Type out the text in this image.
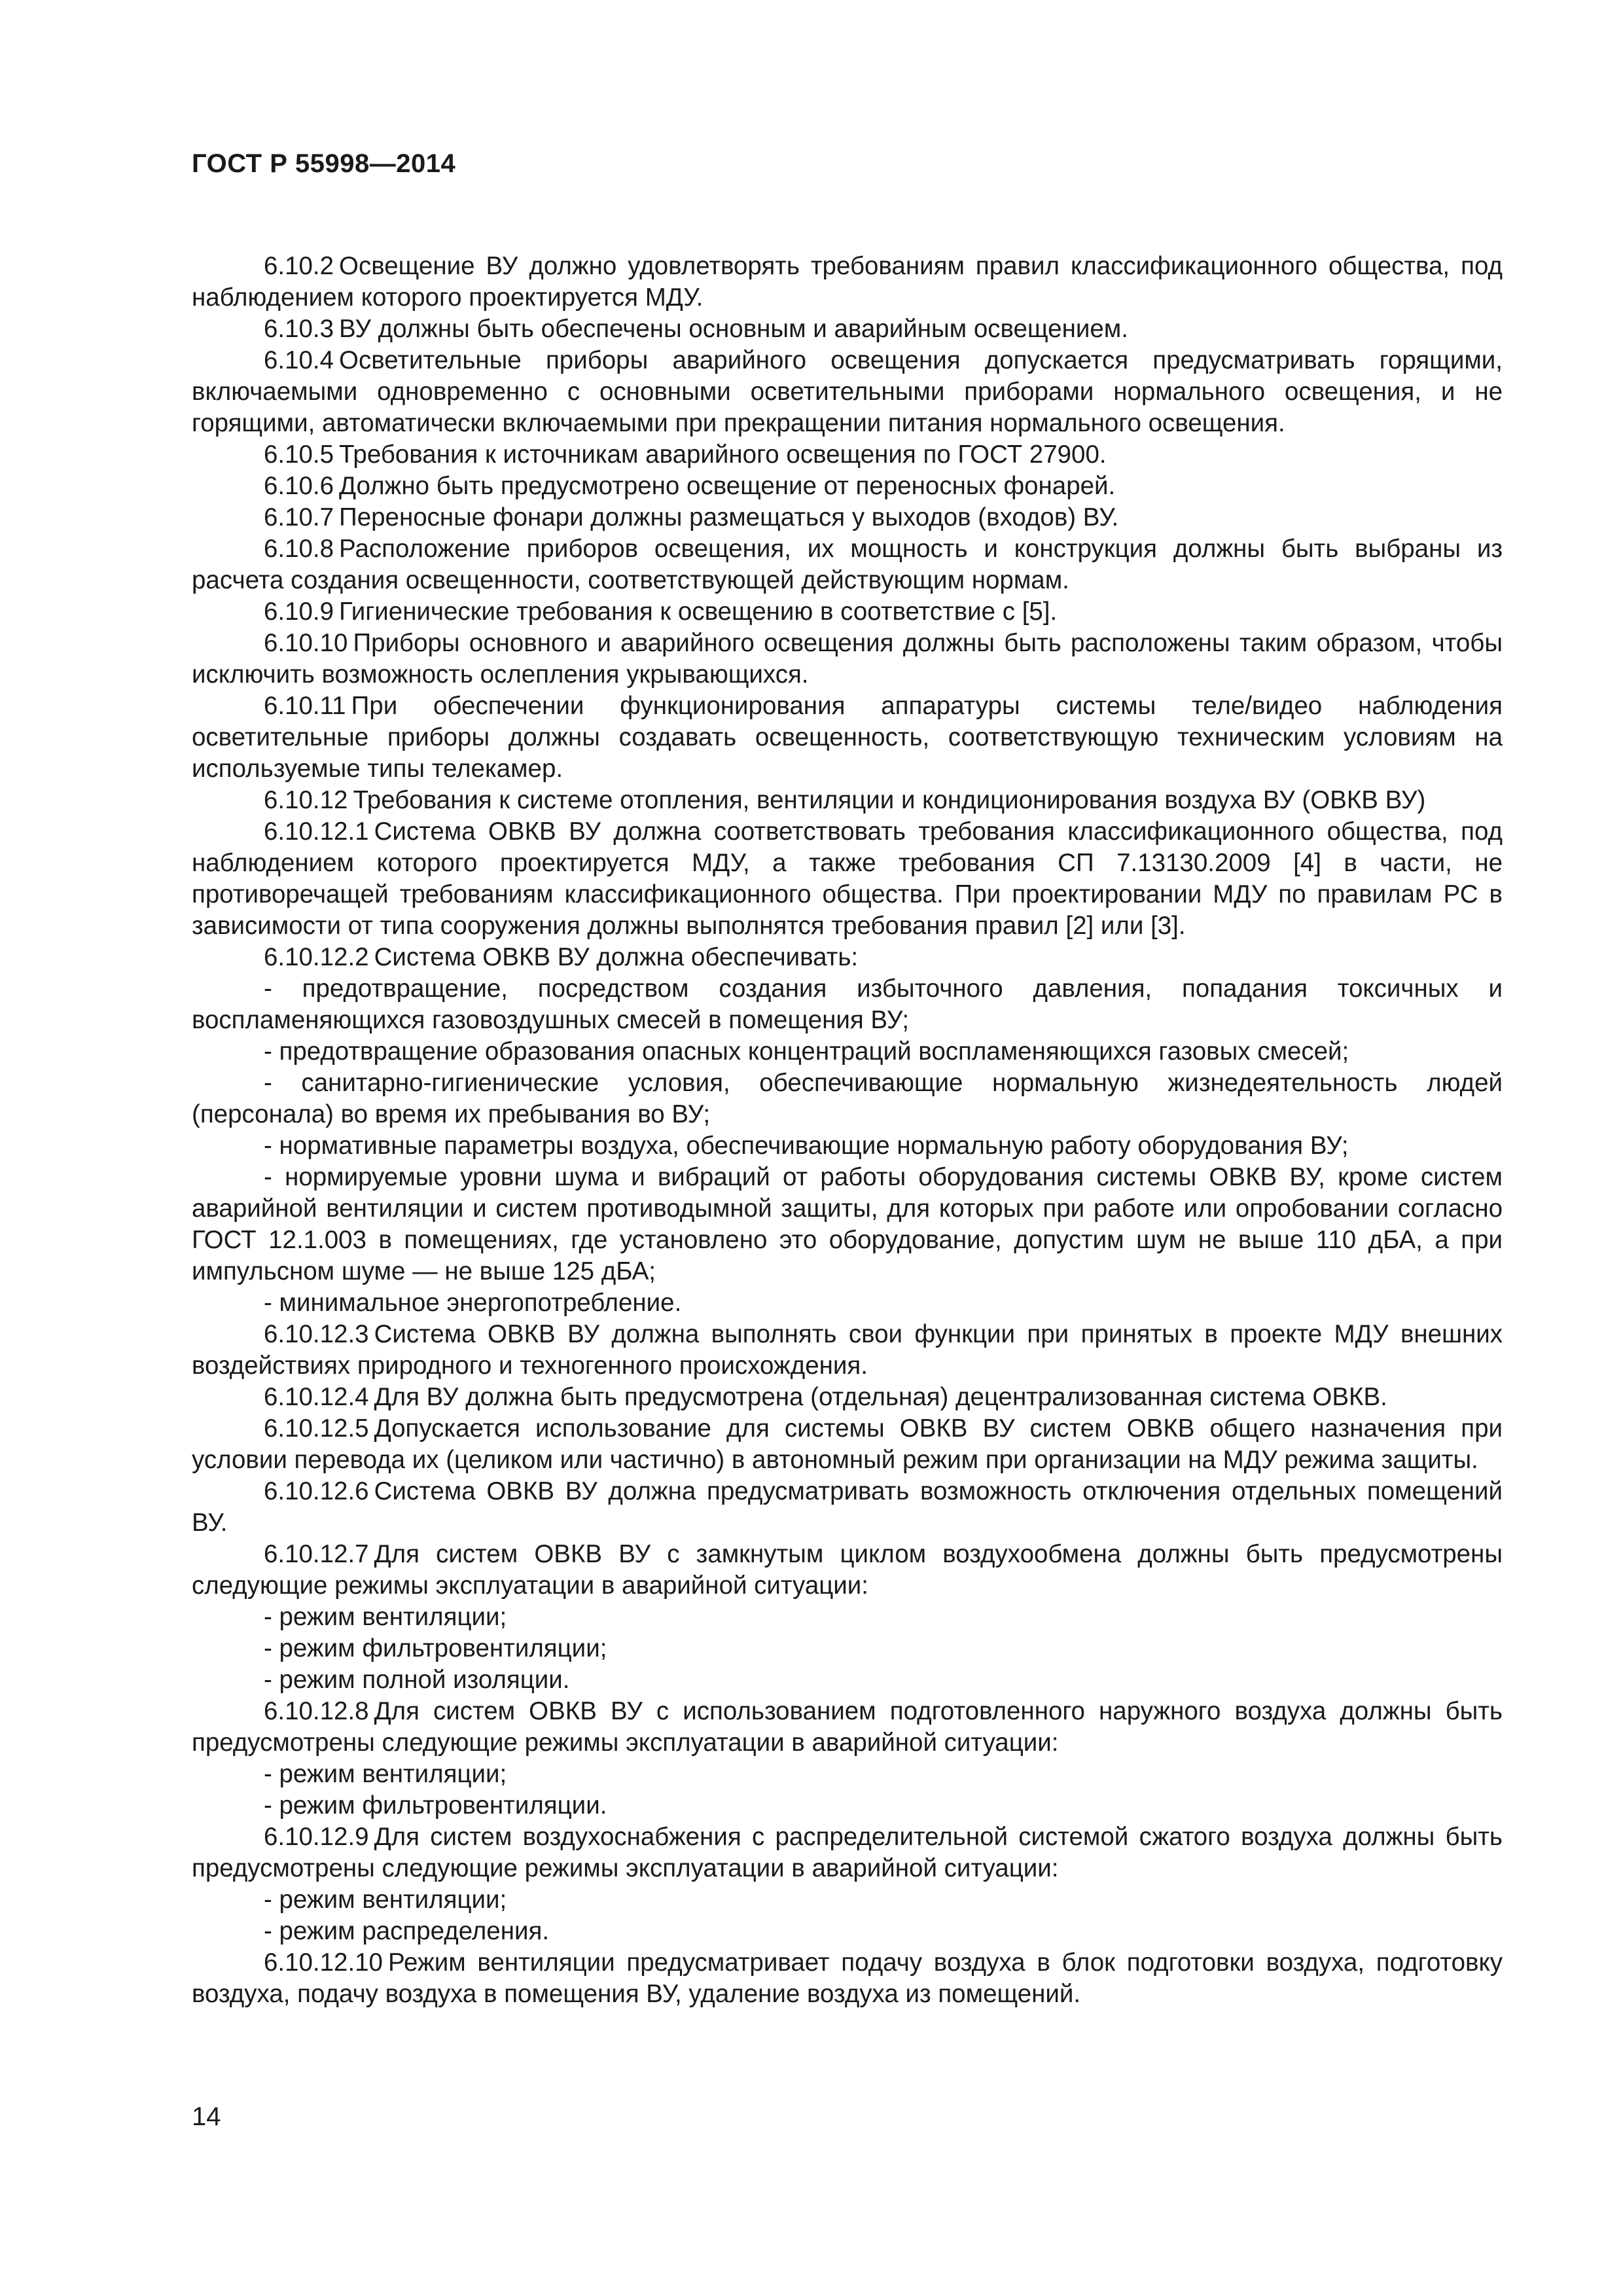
ГОСТ Р 55998—2014

6.10.2 Освещение ВУ должно удовлетворять требованиям правил классификационного общества, под наблюдением которого проектируется МДУ.

6.10.3 ВУ должны быть обеспечены основным и аварийным освещением.

6.10.4 Осветительные приборы аварийного освещения допускается предусматривать горящими, включаемыми одновременно с основными осветительными приборами нормального освещения, и не горящими, автоматически включаемыми при прекращении питания нормального освещения.

6.10.5 Требования к источникам аварийного освещения по ГОСТ 27900.

6.10.6 Должно быть предусмотрено освещение от переносных фонарей.

6.10.7 Переносные фонари должны размещаться у выходов (входов) ВУ.

6.10.8 Расположение приборов освещения, их мощность и конструкция должны быть выбраны из расчета создания освещенности, соответствующей действующим нормам.

6.10.9 Гигиенические требования к освещению в соответствие с [5].

6.10.10 Приборы основного и аварийного освещения должны быть расположены таким образом, чтобы исключить возможность ослепления укрывающихся.

6.10.11 При обеспечении функционирования аппаратуры системы теле/видео наблюдения осветительные приборы должны создавать освещенность, соответствующую техническим условиям на используемые типы телекамер.

6.10.12 Требования к системе отопления, вентиляции и кондиционирования воздуха ВУ (ОВКВ ВУ)

6.10.12.1 Система ОВКВ ВУ должна соответствовать требования классификационного общества, под наблюдением которого проектируется МДУ, а также требования СП 7.13130.2009 [4] в части, не противоречащей требованиям классификационного общества. При проектировании МДУ по правилам РС в зависимости от типа сооружения должны выполнятся требования правил [2] или [3].

6.10.12.2 Система ОВКВ ВУ должна обеспечивать:

- предотвращение, посредством создания избыточного давления, попадания токсичных и воспламеняющихся газовоздушных смесей в помещения ВУ;

- предотвращение образования опасных концентраций воспламеняющихся газовых смесей;

- санитарно-гигиенические условия, обеспечивающие нормальную жизнедеятельность людей (персонала) во время их пребывания во ВУ;

- нормативные параметры воздуха, обеспечивающие нормальную работу оборудования ВУ;

- нормируемые уровни шума и вибраций от работы оборудования системы ОВКВ ВУ, кроме систем аварийной вентиляции и систем противодымной защиты, для которых при работе или опробовании согласно ГОСТ 12.1.003 в помещениях, где установлено это оборудование, допустим шум не выше 110 дБА, а при импульсном шуме — не выше 125 дБА;

- минимальное энергопотребление.

6.10.12.3 Система ОВКВ ВУ должна выполнять свои функции при принятых в проекте МДУ внешних воздействиях природного и техногенного происхождения.

6.10.12.4 Для ВУ должна быть предусмотрена (отдельная) децентрализованная система ОВКВ.

6.10.12.5 Допускается использование для системы ОВКВ ВУ систем ОВКВ общего назначения при условии перевода их (целиком или частично) в автономный режим при организации на МДУ режима защиты.

6.10.12.6 Система ОВКВ ВУ должна предусматривать возможность отключения отдельных помещений ВУ.

6.10.12.7 Для систем ОВКВ ВУ с замкнутым циклом воздухообмена должны быть предусмотрены следующие режимы эксплуатации в аварийной ситуации:

- режим вентиляции;

- режим фильтровентиляции;

- режим полной изоляции.

6.10.12.8 Для систем ОВКВ ВУ с использованием подготовленного наружного воздуха должны быть предусмотрены следующие режимы эксплуатации в аварийной ситуации:

- режим вентиляции;

- режим фильтровентиляции.

6.10.12.9 Для систем воздухоснабжения с распределительной системой сжатого воздуха должны быть предусмотрены следующие режимы эксплуатации в аварийной ситуации:

- режим вентиляции;

- режим распределения.

6.10.12.10 Режим вентиляции предусматривает подачу воздуха в блок подготовки воздуха, подготовку воздуха, подачу воздуха в помещения ВУ, удаление воздуха из помещений.

14
